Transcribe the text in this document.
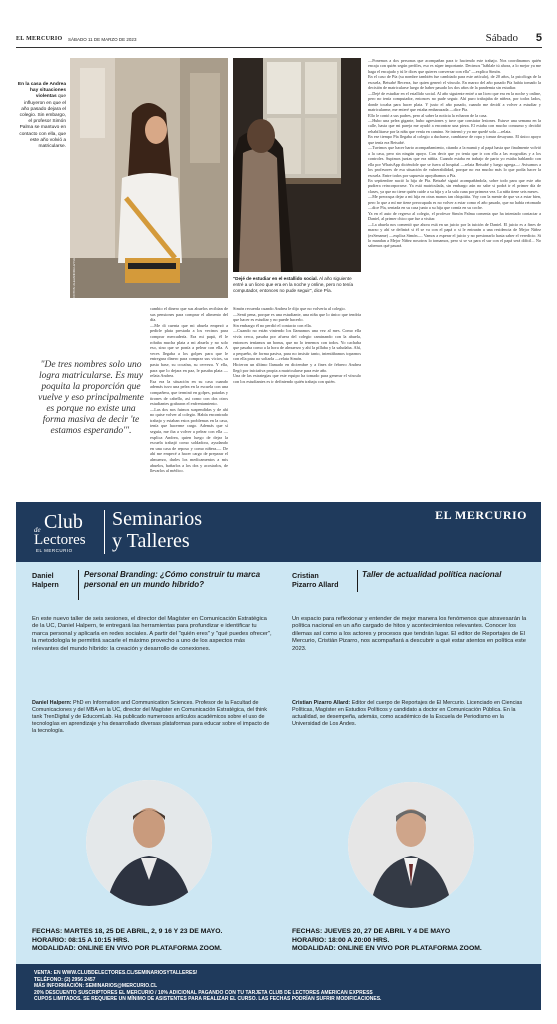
EL MERCURIO SÁBADO 11 DE MARZO DE 2023	Sábado 5
En la casa de Andrea hay situaciones violentas que influyeron en que el año pasado dejara el colegio. Sin embargo, el profesor Simón Palma se mantuvo en contacto con ella, que este año volvió a matricularse.
FOTOS: ALEJANDRA LEYVA	"Dejé de estudiar en el estallido social. Al año siguiente entré a un liceo que era en la noche y online, pero no tenía computador, entonces no pude seguir", dice Pía.
—Ponemos a dos personas que acompañan para ir haciendo este trabajo. Nos coordinamos quién encaja con quién según perfiles, eso es súper importante. Decimos "háblale tú ahora, a lo mejor ya me haga el encajado y tú le dices que quieres conversar con ella" —explica Simón.
En el caso de Pía (su nombre también fue cambiado para este artículo), de 20 años, la psicóloga de la escuela, Betsabé Becerra, fue quien generó el vínculo. En marzo del año pasado Pía había tomado la decisión de matricularse luego de haber pasado los dos años de la pandemia sin estudiar.
—Dejé de estudiar en el estallido social. Al año siguiente entré a un liceo que era en la noche y online, pero no tenía computador, entonces no pude seguir. Ahí puro trabajaba de niñera, por todos lados, donde tocaba para hacer plata. Y justo el año pasado, cuando me decidí a volver a estudiar y matricularme, me enteré que estaba embarazada —dice Pía.
Ello le contó a sus padres, pero al saber la noticia la echaron de la casa.
—Hubo una pelea gigante, hubo agresiones y tuve que constatar lesiones. Estuve una semana en la calle, hasta que mi pareja me ayudó a encontrar una pieza. El estaba con mucho consumo y decidió rehabilitarse por la niña que venía en camino. Se internó y yo me quedé sola —relata.
En ese tiempo Pía llegaba al colegio a ducharse, cambiarse de ropa y tomar desayuno. El único apoyo que tenía era Betsabé.
—Tuvimos que hacer harto acompañamiento, citando a la mamá y al papá hasta que finalmente volvió a la casa, pero sin ningún apoyo. Con decir que yo tenía que ir con ella a las ecografías y a los controles. Supimos juntas que era niñita. Cuando estaba en trabajo de parto yo estaba hablando con ella por WhatsApp diciéndole que se fuera al hospital —relata Betsabé y luego agrega—: Avisamos a los profesores de esa situación de vulnerabilidad, porque no era mucho más lo que podía hacer la escuela. Entre todos por supuesto apoyábamos a Pía.
En septiembre nació la hija de Pía. Betsabé siguió acompañándola, sobre todo para que este año pudiera reincorporarse. Ya está matriculada, sin embargo aún no sabe si podrá ir el primer día de clases, ya que no tiene quién cuide a su hija y a la sala cuna por primera vez. La niña tiene seis meses.
—Me preocupa dejar a mi hija en otras manos tan chiquitita. Voy con la mente de que va a estar bien, pero lo que a mí me tiene preocupada es no volver a estar como el año pasado, que no había retomado —dice Pía, sentada en su casa junto a su hija que comía en su coche.
Ya en el auto de regreso al colegio, el profesor Simón Palma comenta que ha intentado contactar a Daniel, al primer chico que fue a visitar.
—La abuela nos comentó que ahora está en un juicio por la tuición de Daniel. El juicio es a fines de marzo y ahí se definirá si él se va con el papá o si le entrarán a una residencia de Mejor Niñez (exSename) —explica Simón—. Vamos a esperar el juicio y no presionarlo hasta saber el veredicto. Si lo mandan a Mejor Niñez nosotros lo tomamos, pero si se va para el sur con el papá será difícil... No sabemos qué pasará.
cambio el dinero que sus abuelos recibían de sus pensiones para comprar el alimento del día.
—Me di cuenta que mi abuela empezó a pedirle plata prestada a los vecinos para comprar mercadería. Era mi papá, él le robaba mucha plata a mi abuela y no solo eso, sino que se ponía a pelear con ella. A veces llegaba a los golpes para que le entregara dinero para comprar sus vicios, su pasta base, su cocaína, su cerveza. Y ella, para que lo dejara en paz, le pasaba plata —relata Andrea.
Esa era la situación en su casa cuando además tuvo una pelea en la escuela con una compañera, que terminó en golpes, patadas y tirones de cabello, así como con dos otros estudiantes grabaron el enfrentamiento.
—Las dos nos fuimos suspendidas y de ahí no quise volver al colegio. Había encontrado trabajo y estaban estos problemas en la casa, tenía que hacerme cargo. Además que sí seguía, me iba a volver a pelear con ella —explica Andrea, quien luego de dejar la escuela trabajó como soldadora, ayudando en una casa de reposo y como niñera—. De ahí me empecé a hacer cargo de preparar el almuerzo, darles los medicamentos a mis abuelos, bañarlos a los dos y acostarlos, de llevarlos al médico.
"De tres nombres solo uno logra matricularse. Es muy poquita la proporción que vuelve y eso principalmente es porque no existe una forma masiva de decir 'te estamos esperando'".
Simón recuerda cuando Andrea le dijo que no volvería al colegio.
—Sentí pena, porque es una estudiante, una niña que lo único que tendría que hacer es estudiar y no puede hacerlo.
Sin embargo él no perdió el contacto con ella.
—Cuando no están viniendo los llamamos una vez al mes. Como ella vivía cerca, pasaba por afuera del colegio caminando con la abuela, entonces teníamos un bonus, que no lo tenemos con todos. Yo cachaba que pasaba como a la hora de almuerzo y ahí la pillaba y la saludaba. Ahí, a pequeño, de forma pasiva, para no insistir tanto, intentábamos toparnos con ella para no soltarla —relata Simón.
Hicieron un último llamado en diciembre y a fines de febrero Andrea llegó por iniciativa propia a matricularse para este año.
Una de las estrategias que este equipo ha tomado para generar el vínculo con los estudiantes es ir definiendo quién trabaja con quién.
de Club
Lectores
EL MERCURIO
Seminarios
y Talleres
EL MERCURIO
Daniel
Halpern
Personal Branding: ¿Cómo construir tu marca personal en un mundo híbrido?
Cristian
Pizarro Allard
Taller de actualidad política nacional
En este nuevo taller de seis sesiones, el director del Magíster en Comunicación Estratégica de la UC, Daniel Halpern, te entregará las herramientas para profundizar e identificar tu marca personal y aplicarla en redes sociales. A partir del "quién eres" y "qué puedes ofrecer", la metodología te permitirá sacarle el máximo provecho a uno de los aspectos más relevantes del mundo híbrido: la creación y desarrollo de conexiones.
Un espacio para reflexionar y entender de mejor manera los fenómenos que atravesarán la política nacional en un año cargado de hitos y acontecimientos relevantes. Conocer los dilemas así como a los actores y procesos que tendrán lugar. El editor de Reportajes de El Mercurio, Cristián Pizarro, nos acompañará a descubrir a qué estar atentos en política este 2023.
Daniel Halpern: PhD en Information and Communication Sciences. Profesor de la Facultad de Comunicaciones y del MBA en la UC, director del Magíster en Comunicación Estratégica, del think tank TrenDigital y de EducomLab. Ha publicado numerosos artículos académicos sobre el uso de tecnologías en aprendizaje y ha desarrollado diversas plataformas para educar sobre el impacto de la tecnología.
Cristian Pizarro Allard: Editor del cuerpo de Reportajes de El Mercurio. Licenciado en Ciencias Políticas, Magíster en Estudios Políticos y candidato a doctor en Comunicación Pública. En la actualidad, se desempeña, además, como académico de la Escuela de Periodismo en la Universidad de Los Andes.
FECHAS: MARTES 18, 25 DE ABRIL, 2, 9 16 Y 23 DE MAYO.
HORARIO: 08:15 A 10:15 HRS.
MODALIDAD: ONLINE EN VIVO POR PLATAFORMA ZOOM.
FECHAS: JUEVES 20, 27 DE ABRIL Y 4 DE MAYO
HORARIO: 18:00 A 20:00 HRS.
MODALIDAD: ONLINE EN VIVO POR PLATAFORMA ZOOM.
VENTA: EN WWW.CLUBDELECTORES.CL/SEMINARIOSYTALLERES/
TELÉFONO: (2) 2956 2457
MÁS INFORMACIÓN: SEMINARIOS@MERCURIO.CL
20% DESCUENTO SUSCRIPTORES EL MERCURIO / 10% ADICIONAL PAGANDO CON TU TARJETA CLUB DE LECTORES AMERICAN EXPRESS
CUPOS LIMITADOS. SE REQUIERE UN MÍNIMO DE ASISTENTES PARA REALIZAR EL CURSO. LAS FECHAS PODRÍAN SUFRIR MODIFICACIONES.
